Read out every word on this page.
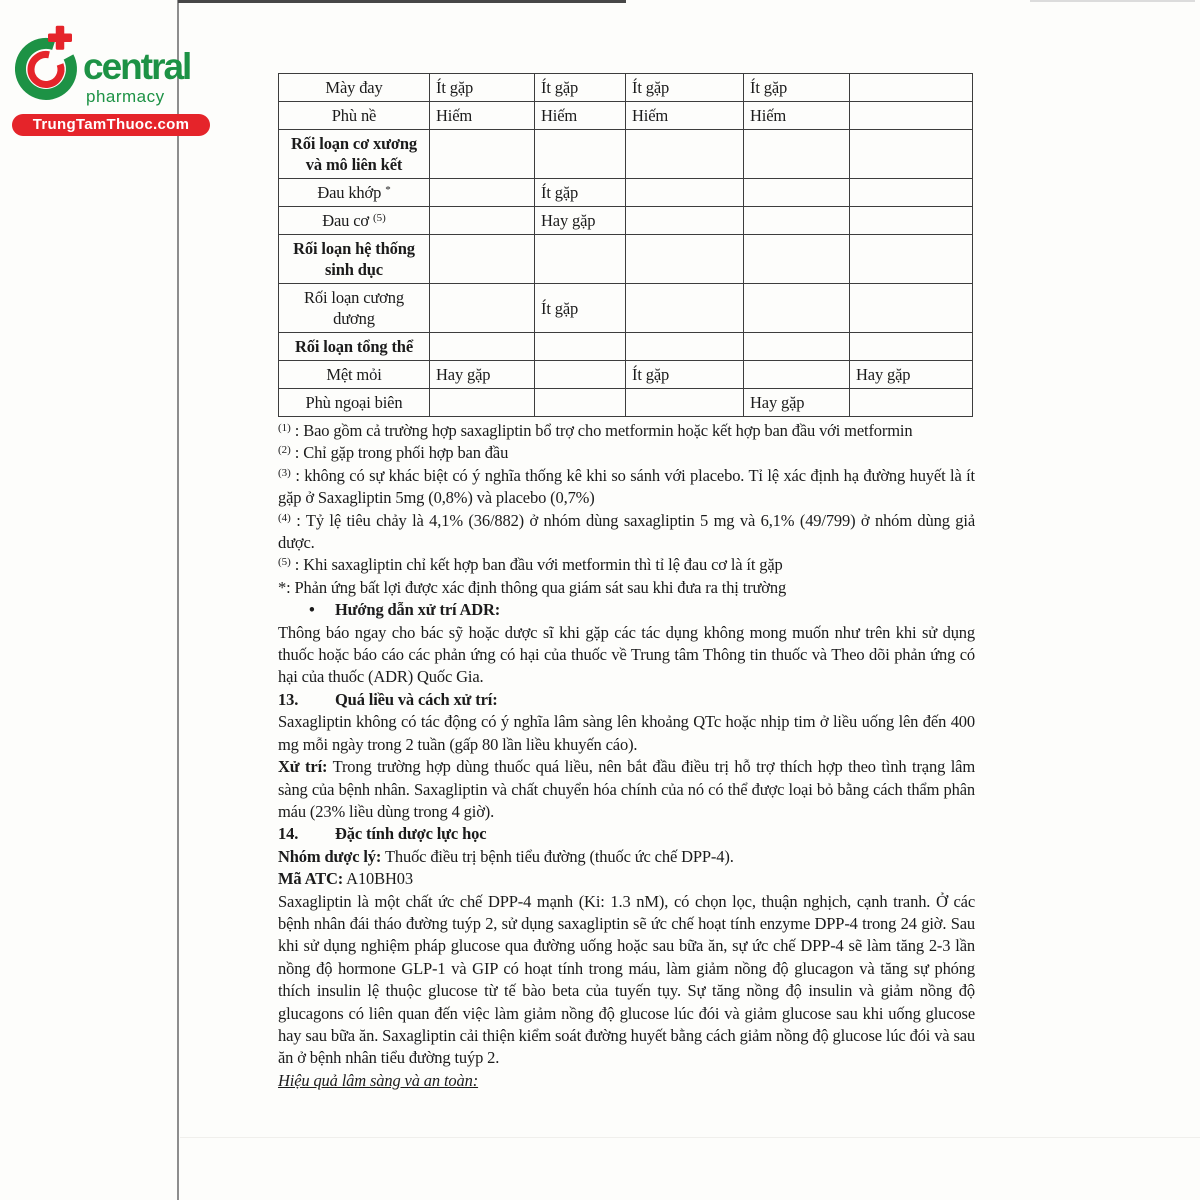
central
pharmacy
TrungTamThuoc.com
Mày đay	Ít gặp	Ít gặp	Ít gặp	Ít gặp	
Phù nề	Hiếm	Hiếm	Hiếm	Hiếm	
Rối loạn cơ xương và mô liên kết					
Đau khớp *		Ít gặp			
Đau cơ $^{(5)}$		Hay gặp			
Rối loạn hệ thống sinh dục					
Rối loạn cương dương		Ít gặp			
Rối loạn tổng thể					
Mệt mỏi	Hay gặp		Ít gặp		Hay gặp
Phù ngoại biên				Hay gặp	
$^{(1)}$ : Bao gồm cả trường hợp saxagliptin bổ trợ cho metformin hoặc kết hợp ban đầu với metformin
$^{(2)}$ : Chỉ gặp trong phối hợp ban đầu
$^{(3)}$ : không có sự khác biệt có ý nghĩa thống kê khi so sánh với placebo. Tỉ lệ xác định hạ đường huyết là ít gặp ở Saxagliptin 5mg (0,8%) và placebo (0,7%)
$^{(4)}$ : Tỷ lệ tiêu chảy là 4,1% (36/882) ở nhóm dùng saxagliptin 5 mg và 6,1% (49/799) ở nhóm dùng giả dược.
$^{(5)}$ : Khi saxagliptin chỉ kết hợp ban đầu với metformin thì tỉ lệ đau cơ là ít gặp
*: Phản ứng bất lợi được xác định thông qua giám sát sau khi đưa ra thị trường
• Hướng dẫn xử trí ADR:
Thông báo ngay cho bác sỹ hoặc dược sĩ khi gặp các tác dụng không mong muốn như trên khi sử dụng thuốc hoặc báo cáo các phản ứng có hại của thuốc về Trung tâm Thông tin thuốc và Theo dõi phản ứng có hại của thuốc (ADR) Quốc Gia.
13. Quá liều và cách xử trí:
Saxagliptin không có tác động có ý nghĩa lâm sàng lên khoảng QTc hoặc nhịp tim ở liều uống lên đến 400 mg mỗi ngày trong 2 tuần (gấp 80 lần liều khuyến cáo).
Xử trí: Trong trường hợp dùng thuốc quá liều, nên bắt đầu điều trị hỗ trợ thích hợp theo tình trạng lâm sàng của bệnh nhân. Saxagliptin và chất chuyển hóa chính của nó có thể được loại bỏ bằng cách thẩm phân máu (23% liều dùng trong 4 giờ).
14. Đặc tính dược lực học
Nhóm dược lý: Thuốc điều trị bệnh tiểu đường (thuốc ức chế DPP-4).
Mã ATC: A10BH03
Saxagliptin là một chất ức chế DPP-4 mạnh (Ki: 1.3 nM), có chọn lọc, thuận nghịch, cạnh tranh. Ở các bệnh nhân đái tháo đường tuýp 2, sử dụng saxagliptin sẽ ức chế hoạt tính enzyme DPP-4 trong 24 giờ. Sau khi sử dụng nghiệm pháp glucose qua đường uống hoặc sau bữa ăn, sự ức chế DPP-4 sẽ làm tăng 2-3 lần nồng độ hormone GLP-1 và GIP có hoạt tính trong máu, làm giảm nồng độ glucagon và tăng sự phóng thích insulin lệ thuộc glucose từ tế bào beta của tuyến tụy. Sự tăng nồng độ insulin và giảm nồng độ glucagons có liên quan đến việc làm giảm nồng độ glucose lúc đói và giảm glucose sau khi uống glucose hay sau bữa ăn. Saxagliptin cải thiện kiểm soát đường huyết bằng cách giảm nồng độ glucose lúc đói và sau ăn ở bệnh nhân tiểu đường tuýp 2.
Hiệu quả lâm sàng và an toàn:
